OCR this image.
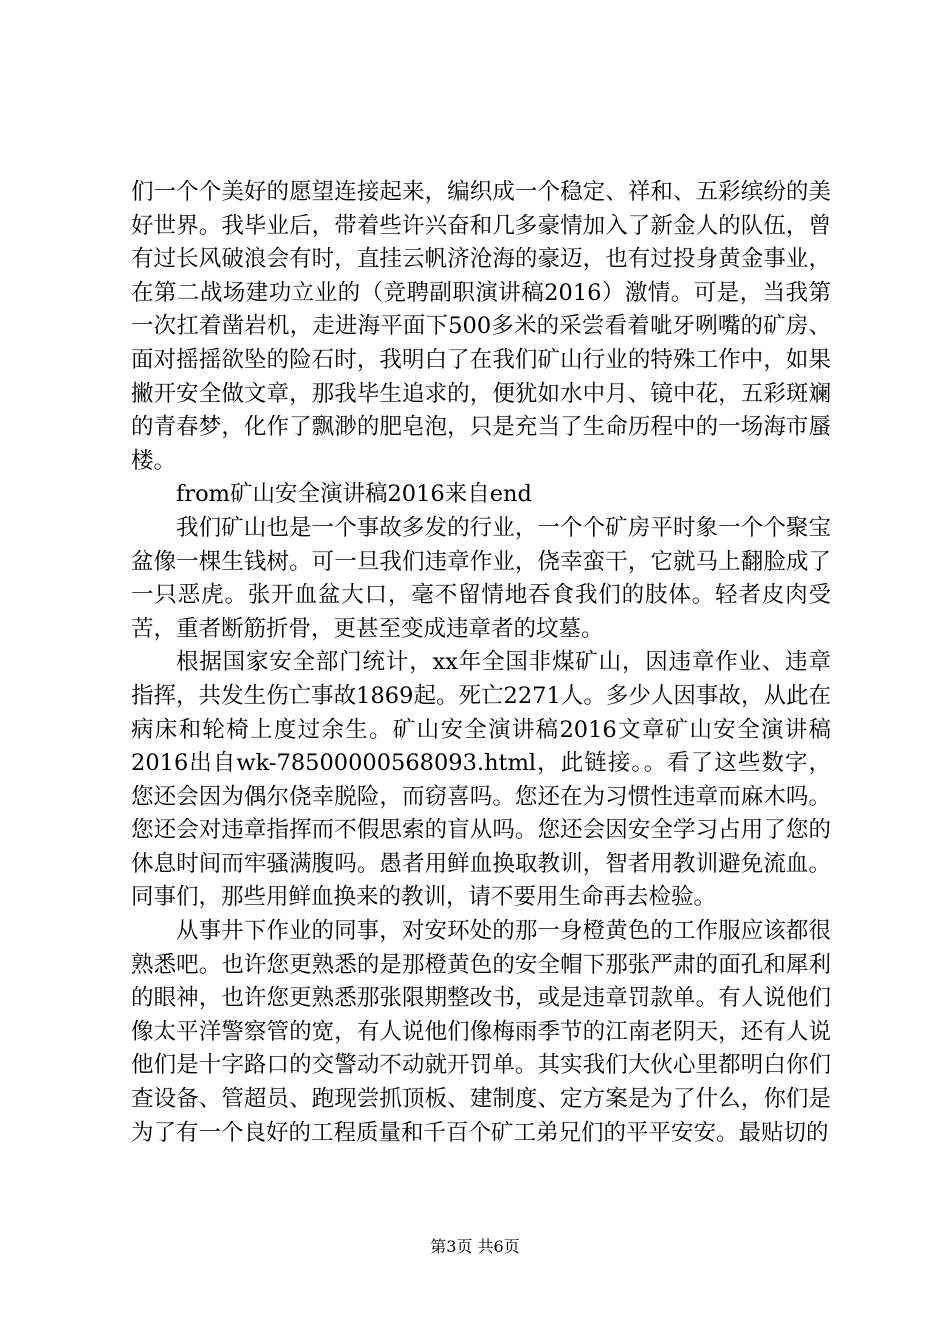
们一个个美好的愿望连接起来，编织成一个稳定、祥和、五彩缤纷的美好世界。我毕业后，带着些许兴奋和几多豪情加入了新金人的队伍，曾有过长风破浪会有时，直挂云帆济沧海的豪迈，也有过投身黄金事业，在第二战场建功立业的（竞聘副职演讲稿2016）激情。可是，当我第一次扛着凿岩机，走进海平面下500多米的采尝看着呲牙咧嘴的矿房、面对摇摇欲坠的险石时，我明白了在我们矿山行业的特殊工作中，如果撇开安全做文章，那我毕生追求的，便犹如水中月、镜中花，五彩斑斓的青春梦，化作了飘渺的肥皂泡，只是充当了生命历程中的一场海市蜃楼。

from矿山安全演讲稿2016来自end

我们矿山也是一个事故多发的行业，一个个矿房平时象一个个聚宝盆像一棵生钱树。可一旦我们违章作业，侥幸蛮干，它就马上翻脸成了一只恶虎。张开血盆大口，毫不留情地吞食我们的肢体。轻者皮肉受苦，重者断筋折骨，更甚至变成违章者的坟墓。

根据国家安全部门统计，xx年全国非煤矿山，因违章作业、违章指挥，共发生伤亡事故1869起。死亡2271人。多少人因事故，从此在病床和轮椅上度过余生。矿山安全演讲稿2016文章矿山安全演讲稿2016出自wk-78500000568093.html，此链接。。看了这些数字，您还会因为偶尔侥幸脱险，而窃喜吗。您还在为习惯性违章而麻木吗。您还会对违章指挥而不假思索的盲从吗。您还会因安全学习占用了您的休息时间而牢骚满腹吗。愚者用鲜血换取教训，智者用教训避免流血。同事们，那些用鲜血换来的教训，请不要用生命再去检验。

从事井下作业的同事，对安环处的那一身橙黄色的工作服应该都很熟悉吧。也许您更熟悉的是那橙黄色的安全帽下那张严肃的面孔和犀利的眼神，也许您更熟悉那张限期整改书，或是违章罚款单。有人说他们像太平洋警察管的宽，有人说他们像梅雨季节的江南老阴天，还有人说他们是十字路口的交警动不动就开罚单。其实我们大伙心里都明白你们查设备、管超员、跑现尝抓顶板、建制度、定方案是为了什么，你们是为了有一个良好的工程质量和千百个矿工弟兄们的平平安安。最贴切的

第3页 共6页
